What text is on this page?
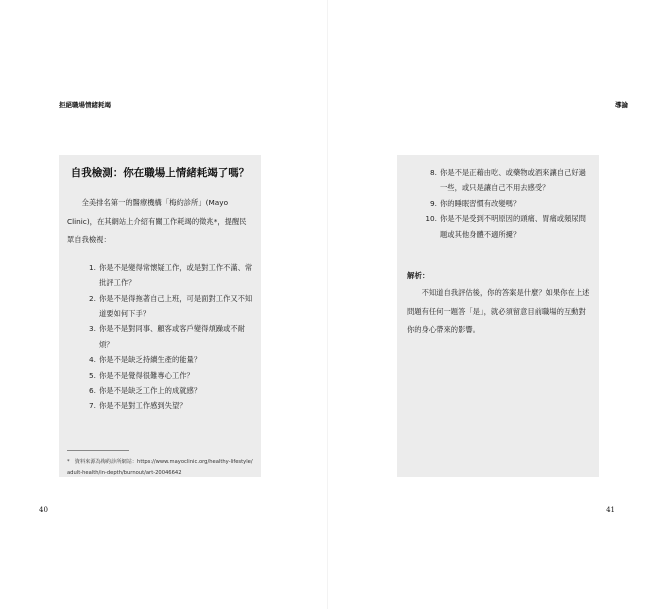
拒絕職場情緒耗竭
自我檢測：你在職場上情緒耗竭了嗎？

全美排名第一的醫療機構「梅約診所」(Mayo Clinic)，在其網站上介紹有關工作耗竭的徵兆*，提醒民眾自我檢視：

1. 你是不是變得常懷疑工作，或是對工作不滿、常批評工作？
2. 你是不是得拖著自己上班，可是面對工作又不知道要如何下手？
3. 你是不是對同事、顧客或客戶變得煩躁或不耐煩？
4. 你是不是缺乏持續生產的能量？
5. 你是不是覺得很難專心工作？
6. 你是不是缺乏工作上的成就感？
7. 你是不是對工作感到失望？

*　資料來源為梅約診所網站：https://www.mayoclinic.org/healthy-lifestyle/adult-health/in-depth/burnout/art-20046642

40
導論
8. 你是不是正藉由吃、或藥物或酒來讓自己好過一些，或只是讓自己不用去感受？
9. 你的睡眠習慣有改變嗎？
10. 你是不是受到不明原因的頭痛、胃痛或頻尿問題或其他身體不適所擾？
解析：

不知道自我評估後，你的答案是什麼？如果你在上述問題有任何一題答「是」，就必須留意目前職場的互動對你的身心帶來的影響。

41
